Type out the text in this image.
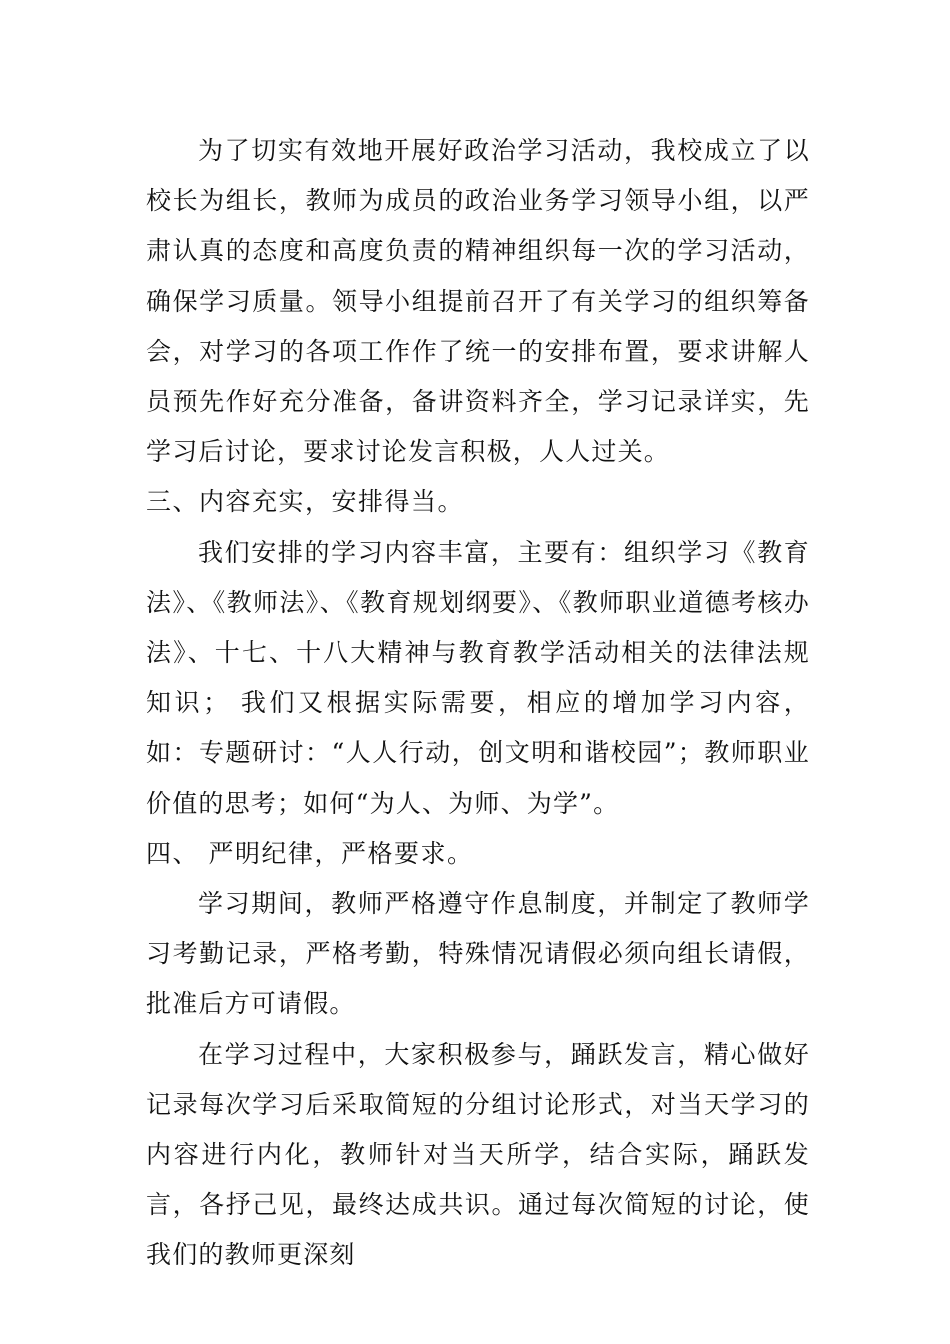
为了切实有效地开展好政治学习活动，我校成立了以校长为组长，教师为成员的政治业务学习领导小组，以严肃认真的态度和高度负责的精神组织每一次的学习活动，确保学习质量。领导小组提前召开了有关学习的组织筹备会，对学习的各项工作作了统一的安排布置，要求讲解人员预先作好充分准备，备讲资料齐全，学习记录详实，先学习后讨论，要求讨论发言积极，人人过关。

三、内容充实，安排得当。

我们安排的学习内容丰富，主要有：组织学习《教育法》、《教师法》、《教育规划纲要》、《教师职业道德考核办法》、十七、十八大精神与教育教学活动相关的法律法规知识； 我们又根据实际需要，相应的增加学习内容，如：专题研讨：“人人行动，创文明和谐校园”；教师职业价值的思考；如何“为人、为师、为学”。

四、 严明纪律，严格要求。

学习期间，教师严格遵守作息制度，并制定了教师学习考勤记录，严格考勤，特殊情况请假必须向组长请假，批准后方可请假。

在学习过程中，大家积极参与，踊跃发言，精心做好记录每次学习后采取简短的分组讨论形式，对当天学习的内容进行内化，教师针对当天所学，结合实际，踊跃发言，各抒己见，最终达成共识。通过每次简短的讨论，使我们的教师更深刻
